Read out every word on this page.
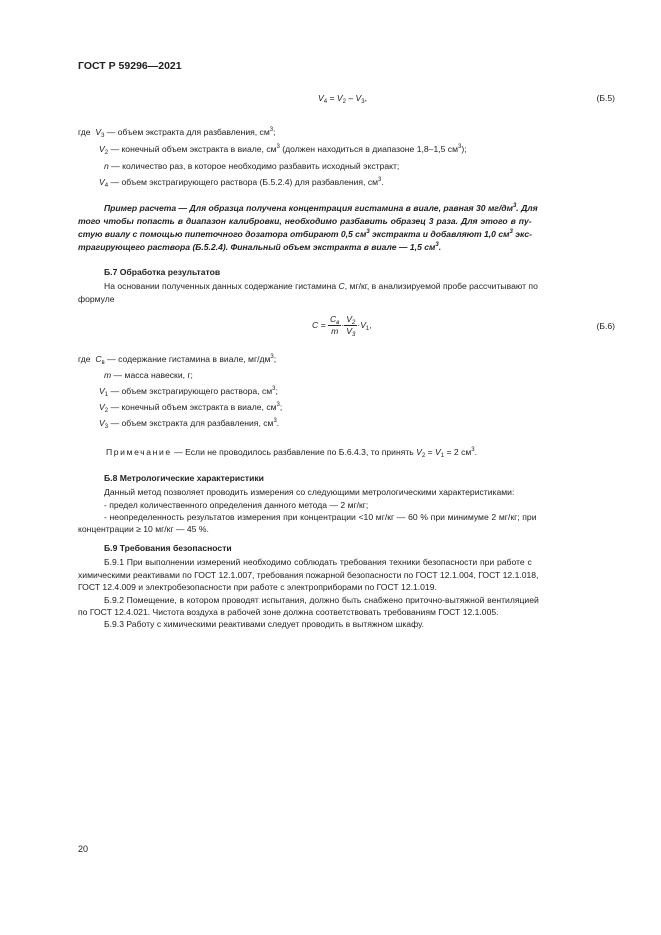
ГОСТ Р 59296—2021
$V_4 = V_2 - V_3$,	(Б.5)
где $V_3$ — объем экстракта для разбавления, $см^3$;
$V_2$ — конечный объем экстракта в виале, $см^3$ (должен находиться в диапазоне 1,8–1,5 $см^3$);
n — количество раз, в которое необходимо разбавить исходный экстракт;
$V_4$ — объем экстрагирующего раствора (Б.5.2.4) для разбавления, $см^3$.
Пример расчета — Для образца получена концентрация гистамина в виале, равная 30 $мг/дм^3$. Для
того чтобы попасть в диапазон калибровки, необходимо разбавить образец 3 раза. Для этого в пу-
стую виалу с помощью пипеточного дозатора отбирают 0,5 $см^3$ экстракта и добавляют 1,0 $см^3$ экс-
трагирующего раствора (Б.5.2.4). Финальный объем экстракта в виале — 1,5 $см^3$.
Б.7 Обработка результатов
На основании полученных данных содержание гистамина C, мг/кг, в анализируемой пробе рассчитывают по
формуле
$C = \frac{C_в}{m} \cdot \frac{V_2}{V_3} \cdot V_1$,	(Б.6)
где $C_в$ — содержание гистамина в виале, $мг/дм^3$;
m — масса навески, г;
$V_1$ — объем экстрагирующего раствора, $см^3$;
$V_2$ — конечный объем экстракта в виале, $см^3$;
$V_3$ — объем экстракта для разбавления, $см^3$.
Примечание — Если не проводилось разбавление по Б.6.4.3, то принять $V_2 = V_1 = 2$ $см^3$.
Б.8 Метрологические характеристики
Данный метод позволяет проводить измерения со следующими метрологическими характеристиками:
- предел количественного определения данного метода — 2 мг/кг;
- неопределенность результатов измерения при концентрации <10 мг/кг — 60 % при минимуме 2 мг/кг; при
концентрации ≥ 10 мг/кг — 45 %.
Б.9 Требования безопасности
Б.9.1 При выполнении измерений необходимо соблюдать требования техники безопасности при работе с
химическими реактивами по ГОСТ 12.1.007, требования пожарной безопасности по ГОСТ 12.1.004, ГОСТ 12.1.018,
ГОСТ 12.4.009 и электробезопасности при работе с электроприборами по ГОСТ 12.1.019.
Б.9.2 Помещение, в котором проводят испытания, должно быть снабжено приточно-вытяжной вентиляцией
по ГОСТ 12.4.021. Чистота воздуха в рабочей зоне должна соответствовать требованиям ГОСТ 12.1.005.
Б.9.3 Работу с химическими реактивами следует проводить в вытяжном шкафу.
20
